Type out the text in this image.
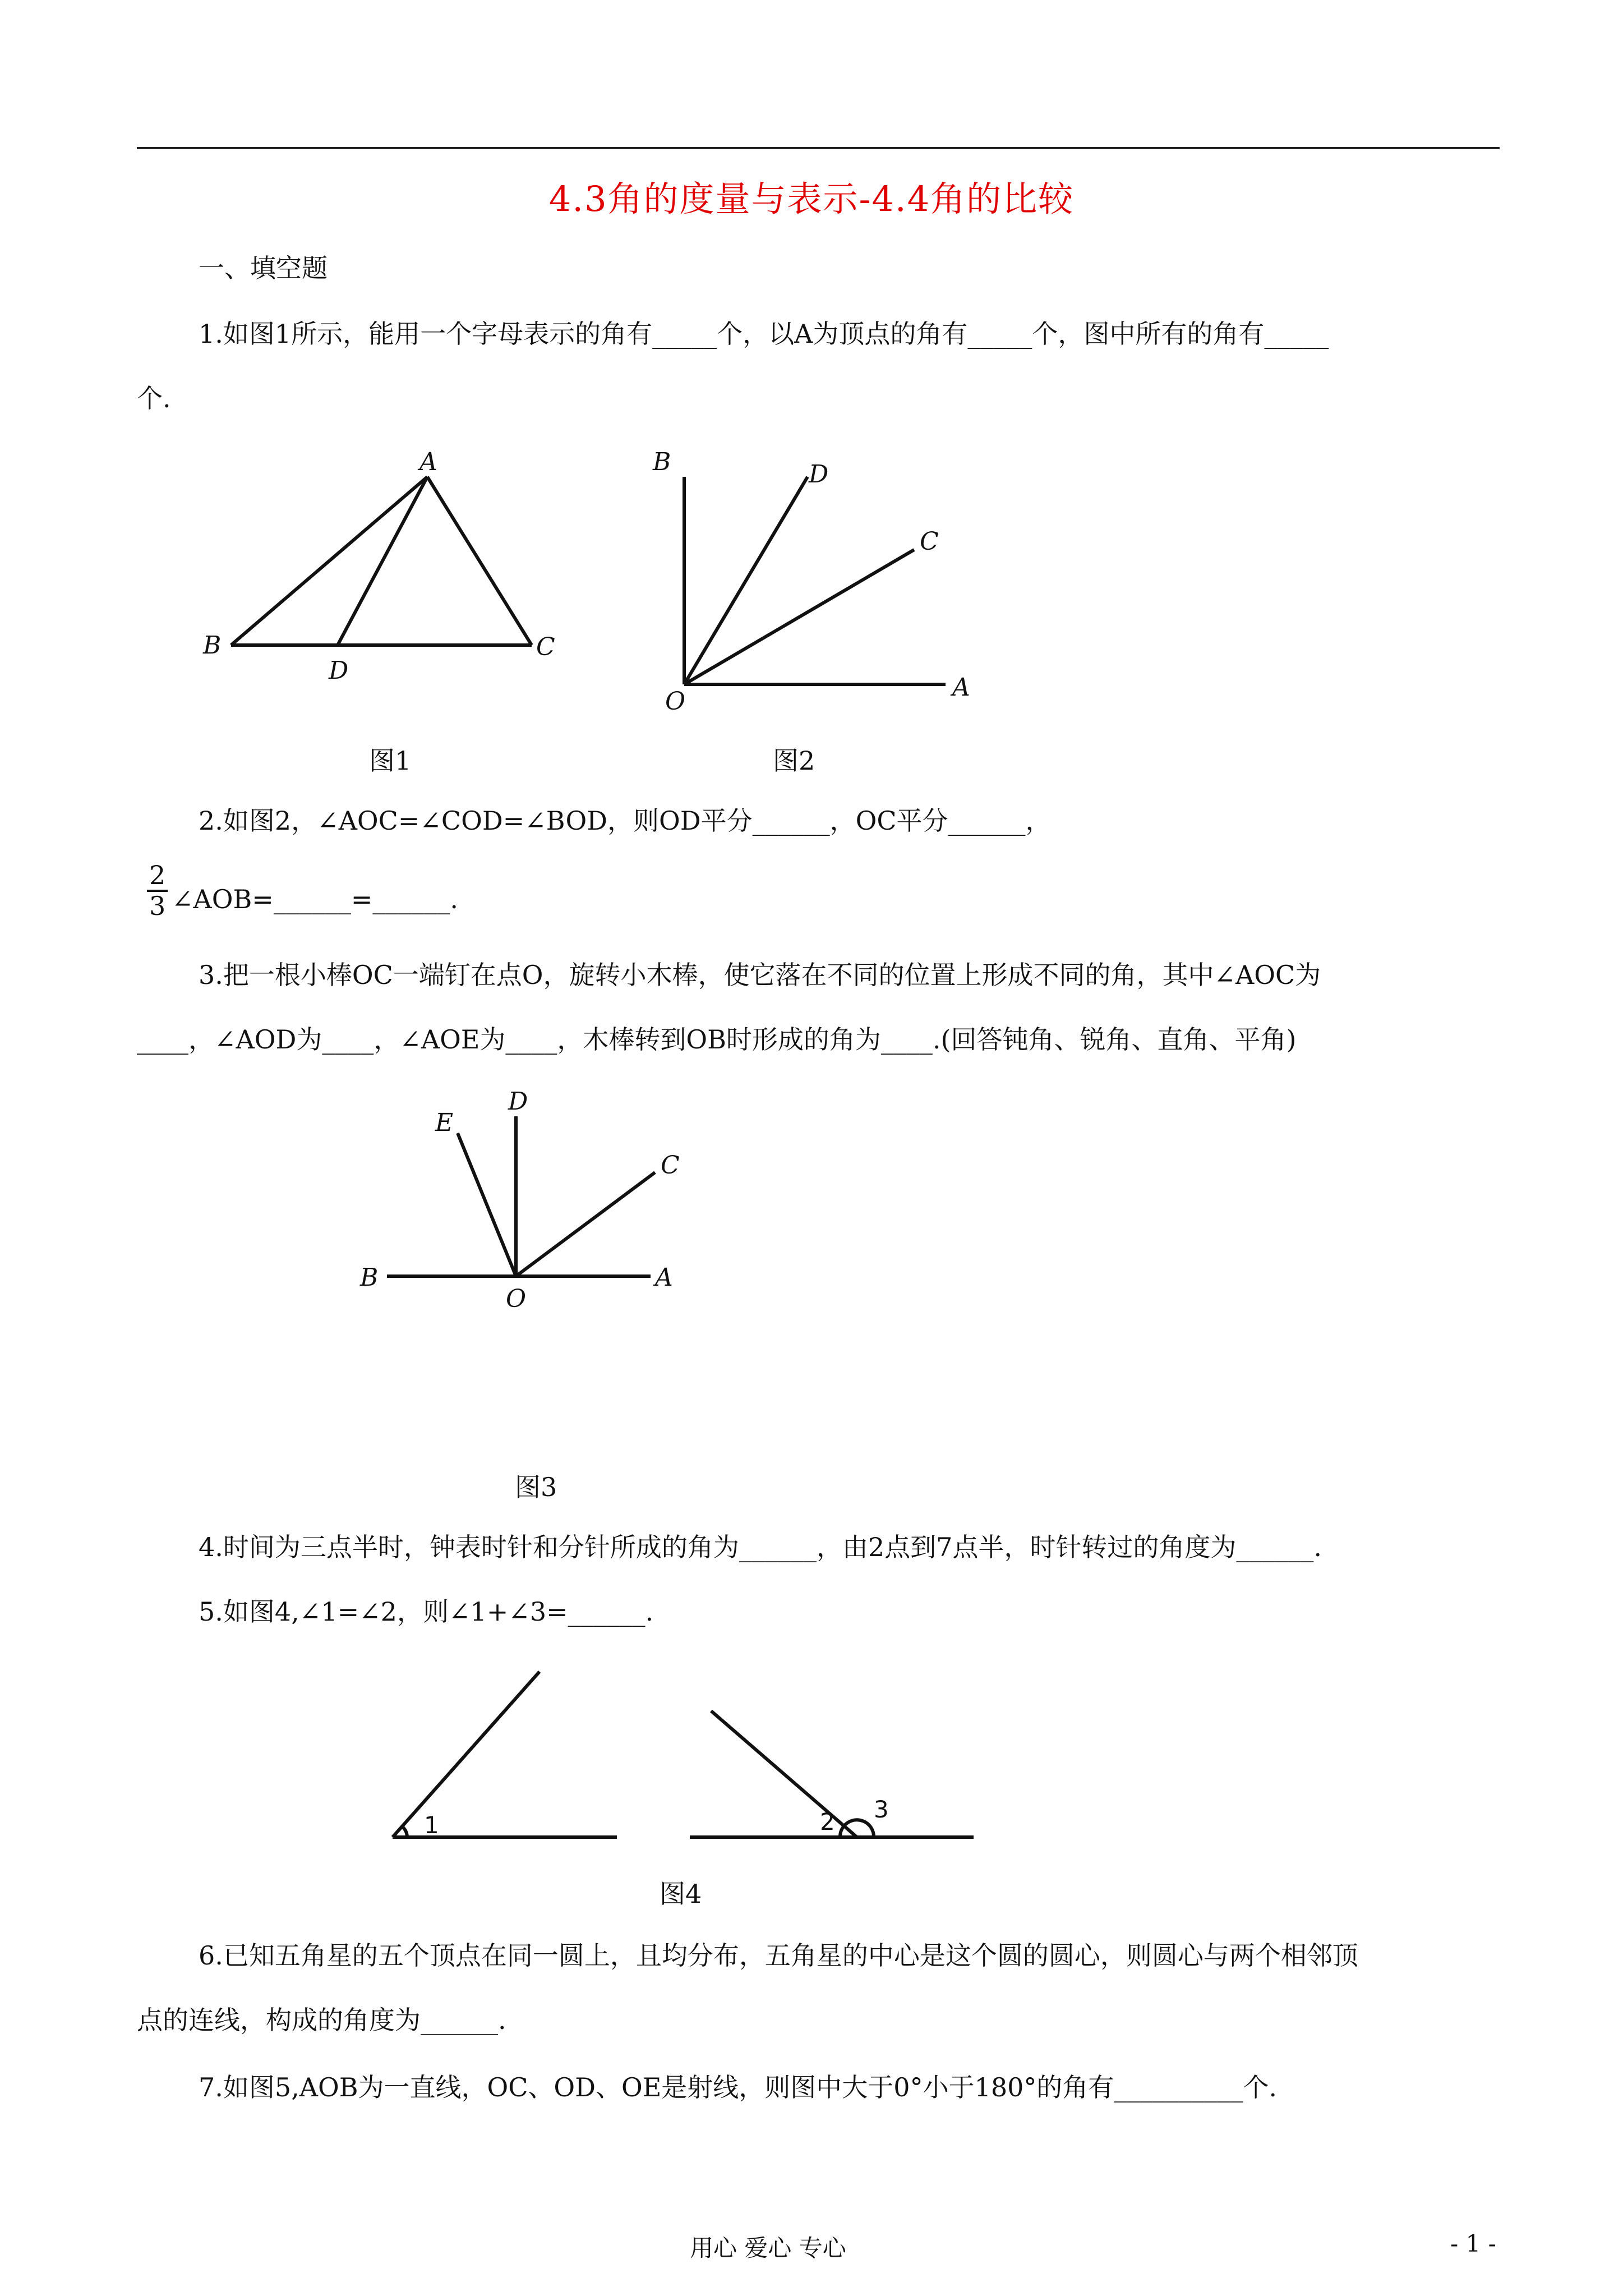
4.3角的度量与表示-4.4角的比较
一、填空题
1.如图1所示，能用一个字母表示的角有_____个，以A为顶点的角有_____个，图中所有的角有_____
个.
A
B	C
D
图1
B	D
C
O	A
图2
2.如图2，∠AOC=∠COD=∠BOD，则OD平分______，OC平分______，
$\frac{2}{3}$ ∠AOB=______=______.
3.把一根小棒OC一端钉在点O，旋转小木棒，使它落在不同的位置上形成不同的角，其中∠AOC为
____，∠AOD为____，∠AOE为____，木棒转到OB时形成的角为____.(回答钝角、锐角、直角、平角)
E
D
C
B
O
A
图3
4.时间为三点半时，钟表时针和分针所成的角为______，由2点到7点半，时针转过的角度为______.
5.如图4,∠1=∠2，则∠1+∠3=______.
1	2 3
图4
6.已知五角星的五个顶点在同一圆上，且均分布，五角星的中心是这个圆的圆心，则圆心与两个相邻顶
点的连线，构成的角度为______.
7.如图5,AOB为一直线，OC、OD、OE是射线，则图中大于0°小于180°的角有__________个.
用心 爱心 专心	- 1 -
